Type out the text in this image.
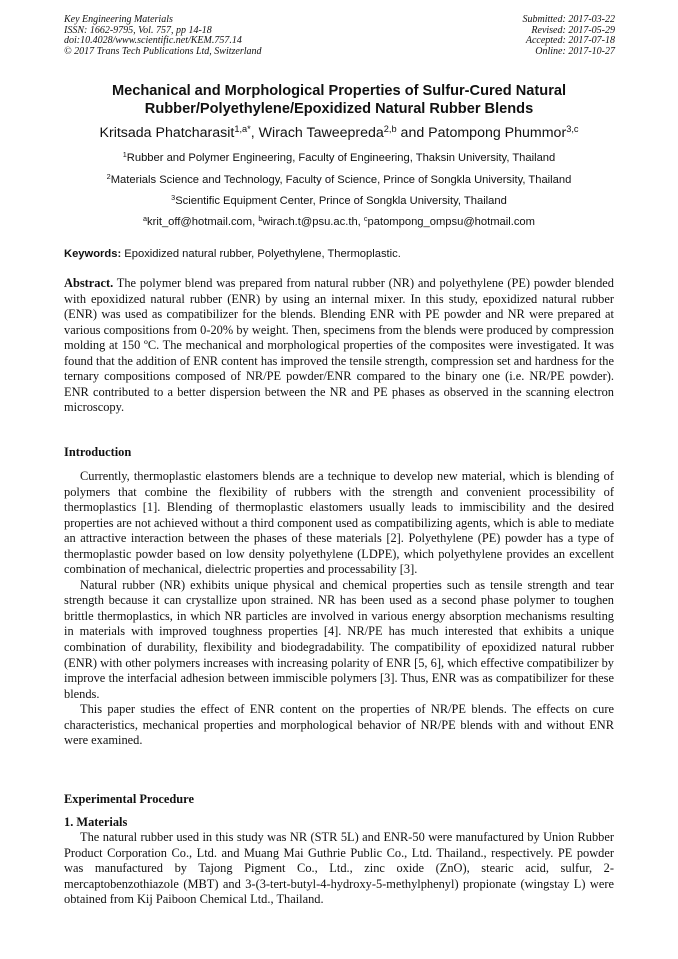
Key Engineering Materials
ISSN: 1662-9795, Vol. 757, pp 14-18
doi:10.4028/www.scientific.net/KEM.757.14
© 2017 Trans Tech Publications Ltd, Switzerland
Submitted: 2017-03-22
Revised: 2017-05-29
Accepted: 2017-07-18
Online: 2017-10-27
Mechanical and Morphological Properties of Sulfur-Cured Natural
Rubber/Polyethylene/Epoxidized Natural Rubber Blends
Kritsada Phatcharasit$^{1,a*}$, Wirach Taweepreda$^{2,b}$ and Patompong Phummor$^{3,c}$
$^1$Rubber and Polymer Engineering, Faculty of Engineering, Thaksin University, Thailand
$^2$Materials Science and Technology, Faculty of Science, Prince of Songkla University, Thailand
$^3$Scientific Equipment Center, Prince of Songkla University, Thailand
$^a$krit_off@hotmail.com, $^b$wirach.t@psu.ac.th, $^c$patompong_ompsu@hotmail.com
Keywords: Epoxidized natural rubber, Polyethylene, Thermoplastic.

Abstract. The polymer blend was prepared from natural rubber (NR) and polyethylene (PE) powder blended with epoxidized natural rubber (ENR) by using an internal mixer. In this study, epoxidized natural rubber (ENR) was used as compatibilizer for the blends. Blending ENR with PE powder and NR were prepared at various compositions from 0-20% by weight. Then, specimens from the blends were produced by compression molding at 150 ºC. The mechanical and morphological properties of the composites were investigated. It was found that the addition of ENR content has improved the tensile strength, compression set and hardness for the ternary compositions composed of NR/PE powder/ENR compared to the binary one (i.e. NR/PE powder). ENR contributed to a better dispersion between the NR and PE phases as observed in the scanning electron microscopy.

Introduction

Currently, thermoplastic elastomers blends are a technique to develop new material, which is blending of polymers that combine the flexibility of rubbers with the strength and convenient processibility of thermoplastics [1]. Blending of thermoplastic elastomers usually leads to immiscibility and the desired properties are not achieved without a third component used as compatibilizing agents, which is able to mediate an attractive interaction between the phases of these materials [2]. Polyethylene (PE) powder has a type of thermoplastic powder based on low density polyethylene (LDPE), which polyethylene provides an excellent combination of mechanical, dielectric properties and processability [3].

Natural rubber (NR) exhibits unique physical and chemical properties such as tensile strength and tear strength because it can crystallize upon strained. NR has been used as a second phase polymer to toughen brittle thermoplastics, in which NR particles are involved in various energy absorption mechanisms resulting in materials with improved toughness properties [4]. NR/PE has much interested that exhibits a unique combination of durability, flexibility and biodegradability. The compatibility of epoxidized natural rubber (ENR) with other polymers increases with increasing polarity of ENR [5, 6], which effective compatibilizer by improve the interfacial adhesion between immiscible polymers [3]. Thus, ENR was as compatibilizer for these blends.

This paper studies the effect of ENR content on the properties of NR/PE blends. The effects on cure characteristics, mechanical properties and morphological behavior of NR/PE blends with and without ENR were examined.

Experimental Procedure
1. Materials

The natural rubber used in this study was NR (STR 5L) and ENR-50 were manufactured by Union Rubber Product Corporation Co., Ltd. and Muang Mai Guthrie Public Co., Ltd. Thailand., respectively. PE powder was manufactured by Tajong Pigment Co., Ltd., zinc oxide (ZnO), stearic acid, sulfur, 2-mercaptobenzothiazole (MBT) and 3-(3-tert-butyl-4-hydroxy-5-methylphenyl) propionate (wingstay L) were obtained from Kij Paiboon Chemical Ltd., Thailand.
